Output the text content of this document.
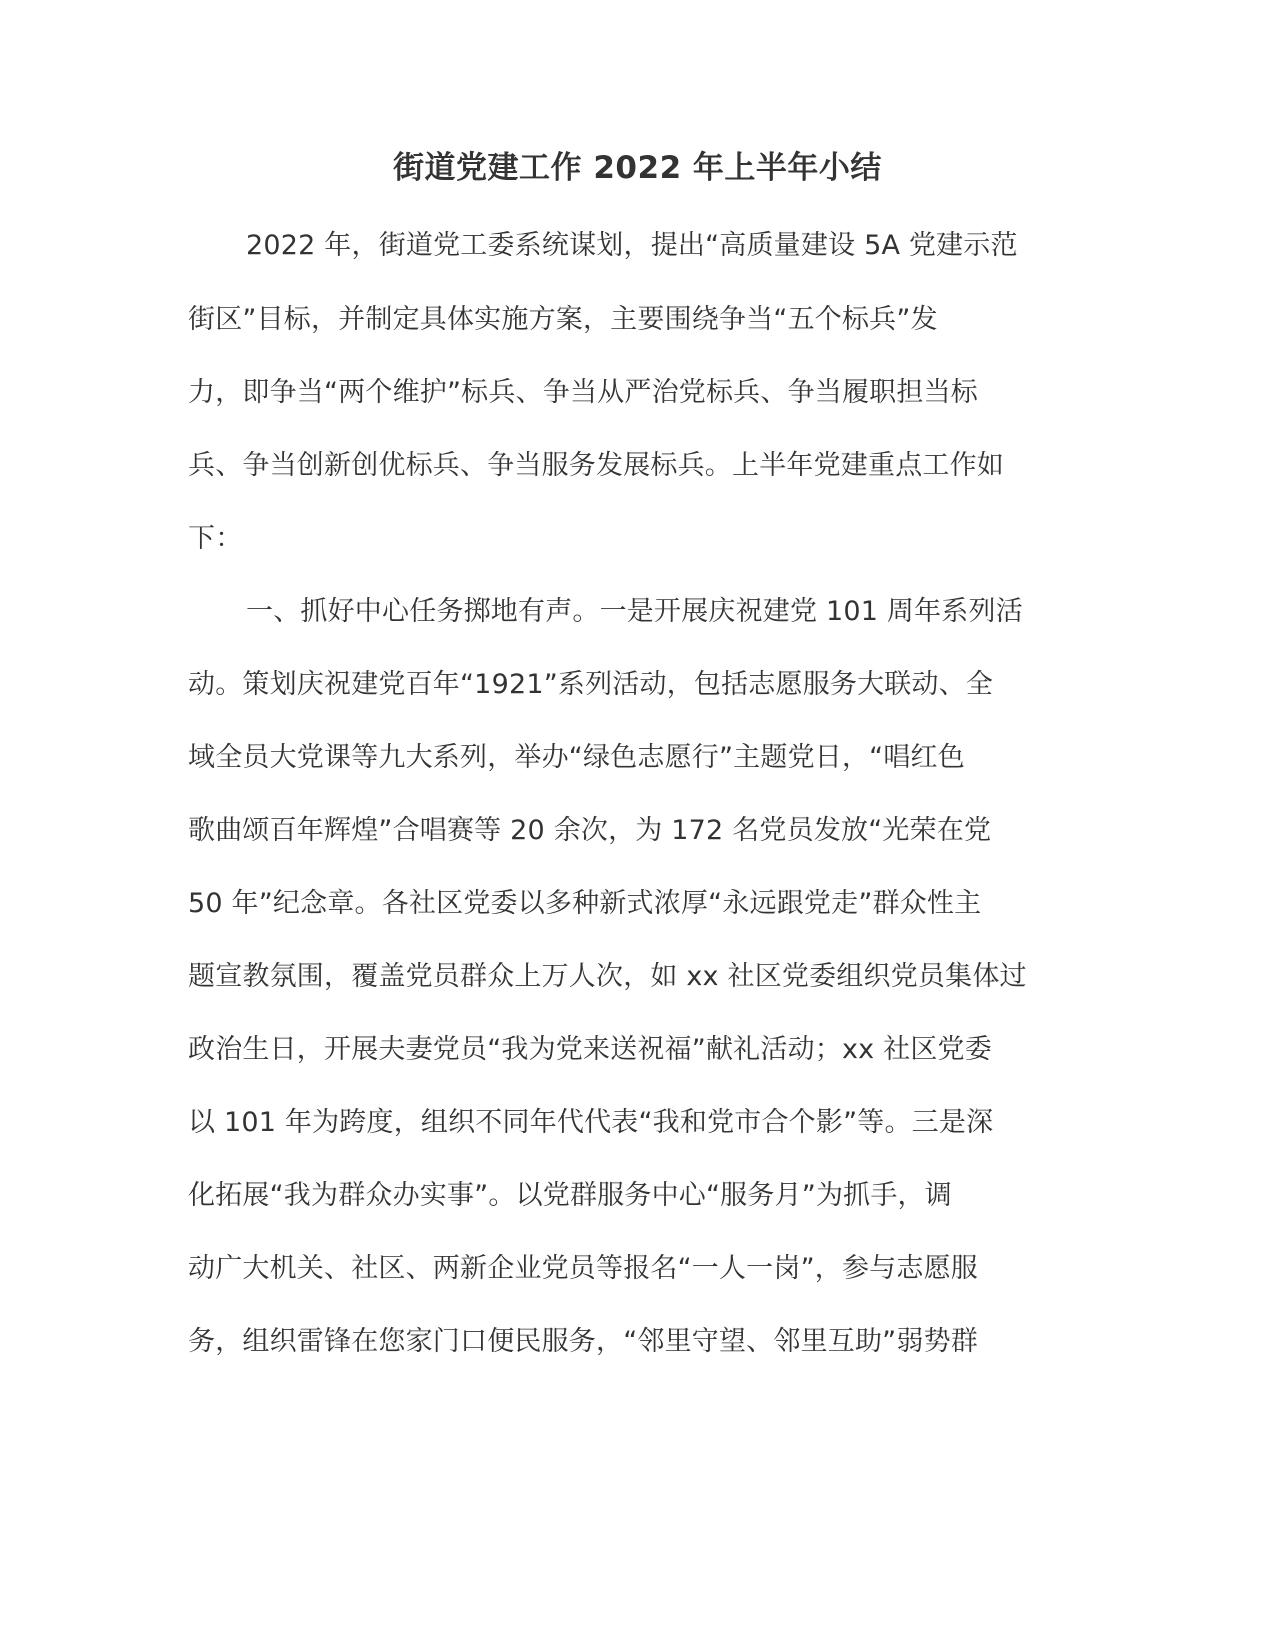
街道党建工作 2022 年上半年小结
2022 年，街道党工委系统谋划，提出“高质量建设 5A 党建示范
街区”目标，并制定具体实施方案，主要围绕争当“五个标兵”发
力，即争当“两个维护”标兵、争当从严治党标兵、争当履职担当标
兵、争当创新创优标兵、争当服务发展标兵。上半年党建重点工作如
下：
一、抓好中心任务掷地有声。一是开展庆祝建党 101 周年系列活
动。策划庆祝建党百年“1921”系列活动，包括志愿服务大联动、全
域全员大党课等九大系列，举办“绿色志愿行”主题党日，“唱红色
歌曲颂百年辉煌”合唱赛等 20 余次，为 172 名党员发放“光荣在党
50 年”纪念章。各社区党委以多种新式浓厚“永远跟党走”群众性主
题宣教氛围，覆盖党员群众上万人次，如 xx 社区党委组织党员集体过
政治生日，开展夫妻党员“我为党来送祝福”献礼活动；xx 社区党委
以 101 年为跨度，组织不同年代代表“我和党市合个影”等。三是深
化拓展“我为群众办实事”。以党群服务中心“服务月”为抓手，调
动广大机关、社区、两新企业党员等报名“一人一岗”，参与志愿服
务，组织雷锋在您家门口便民服务，“邻里守望、邻里互助”弱势群
